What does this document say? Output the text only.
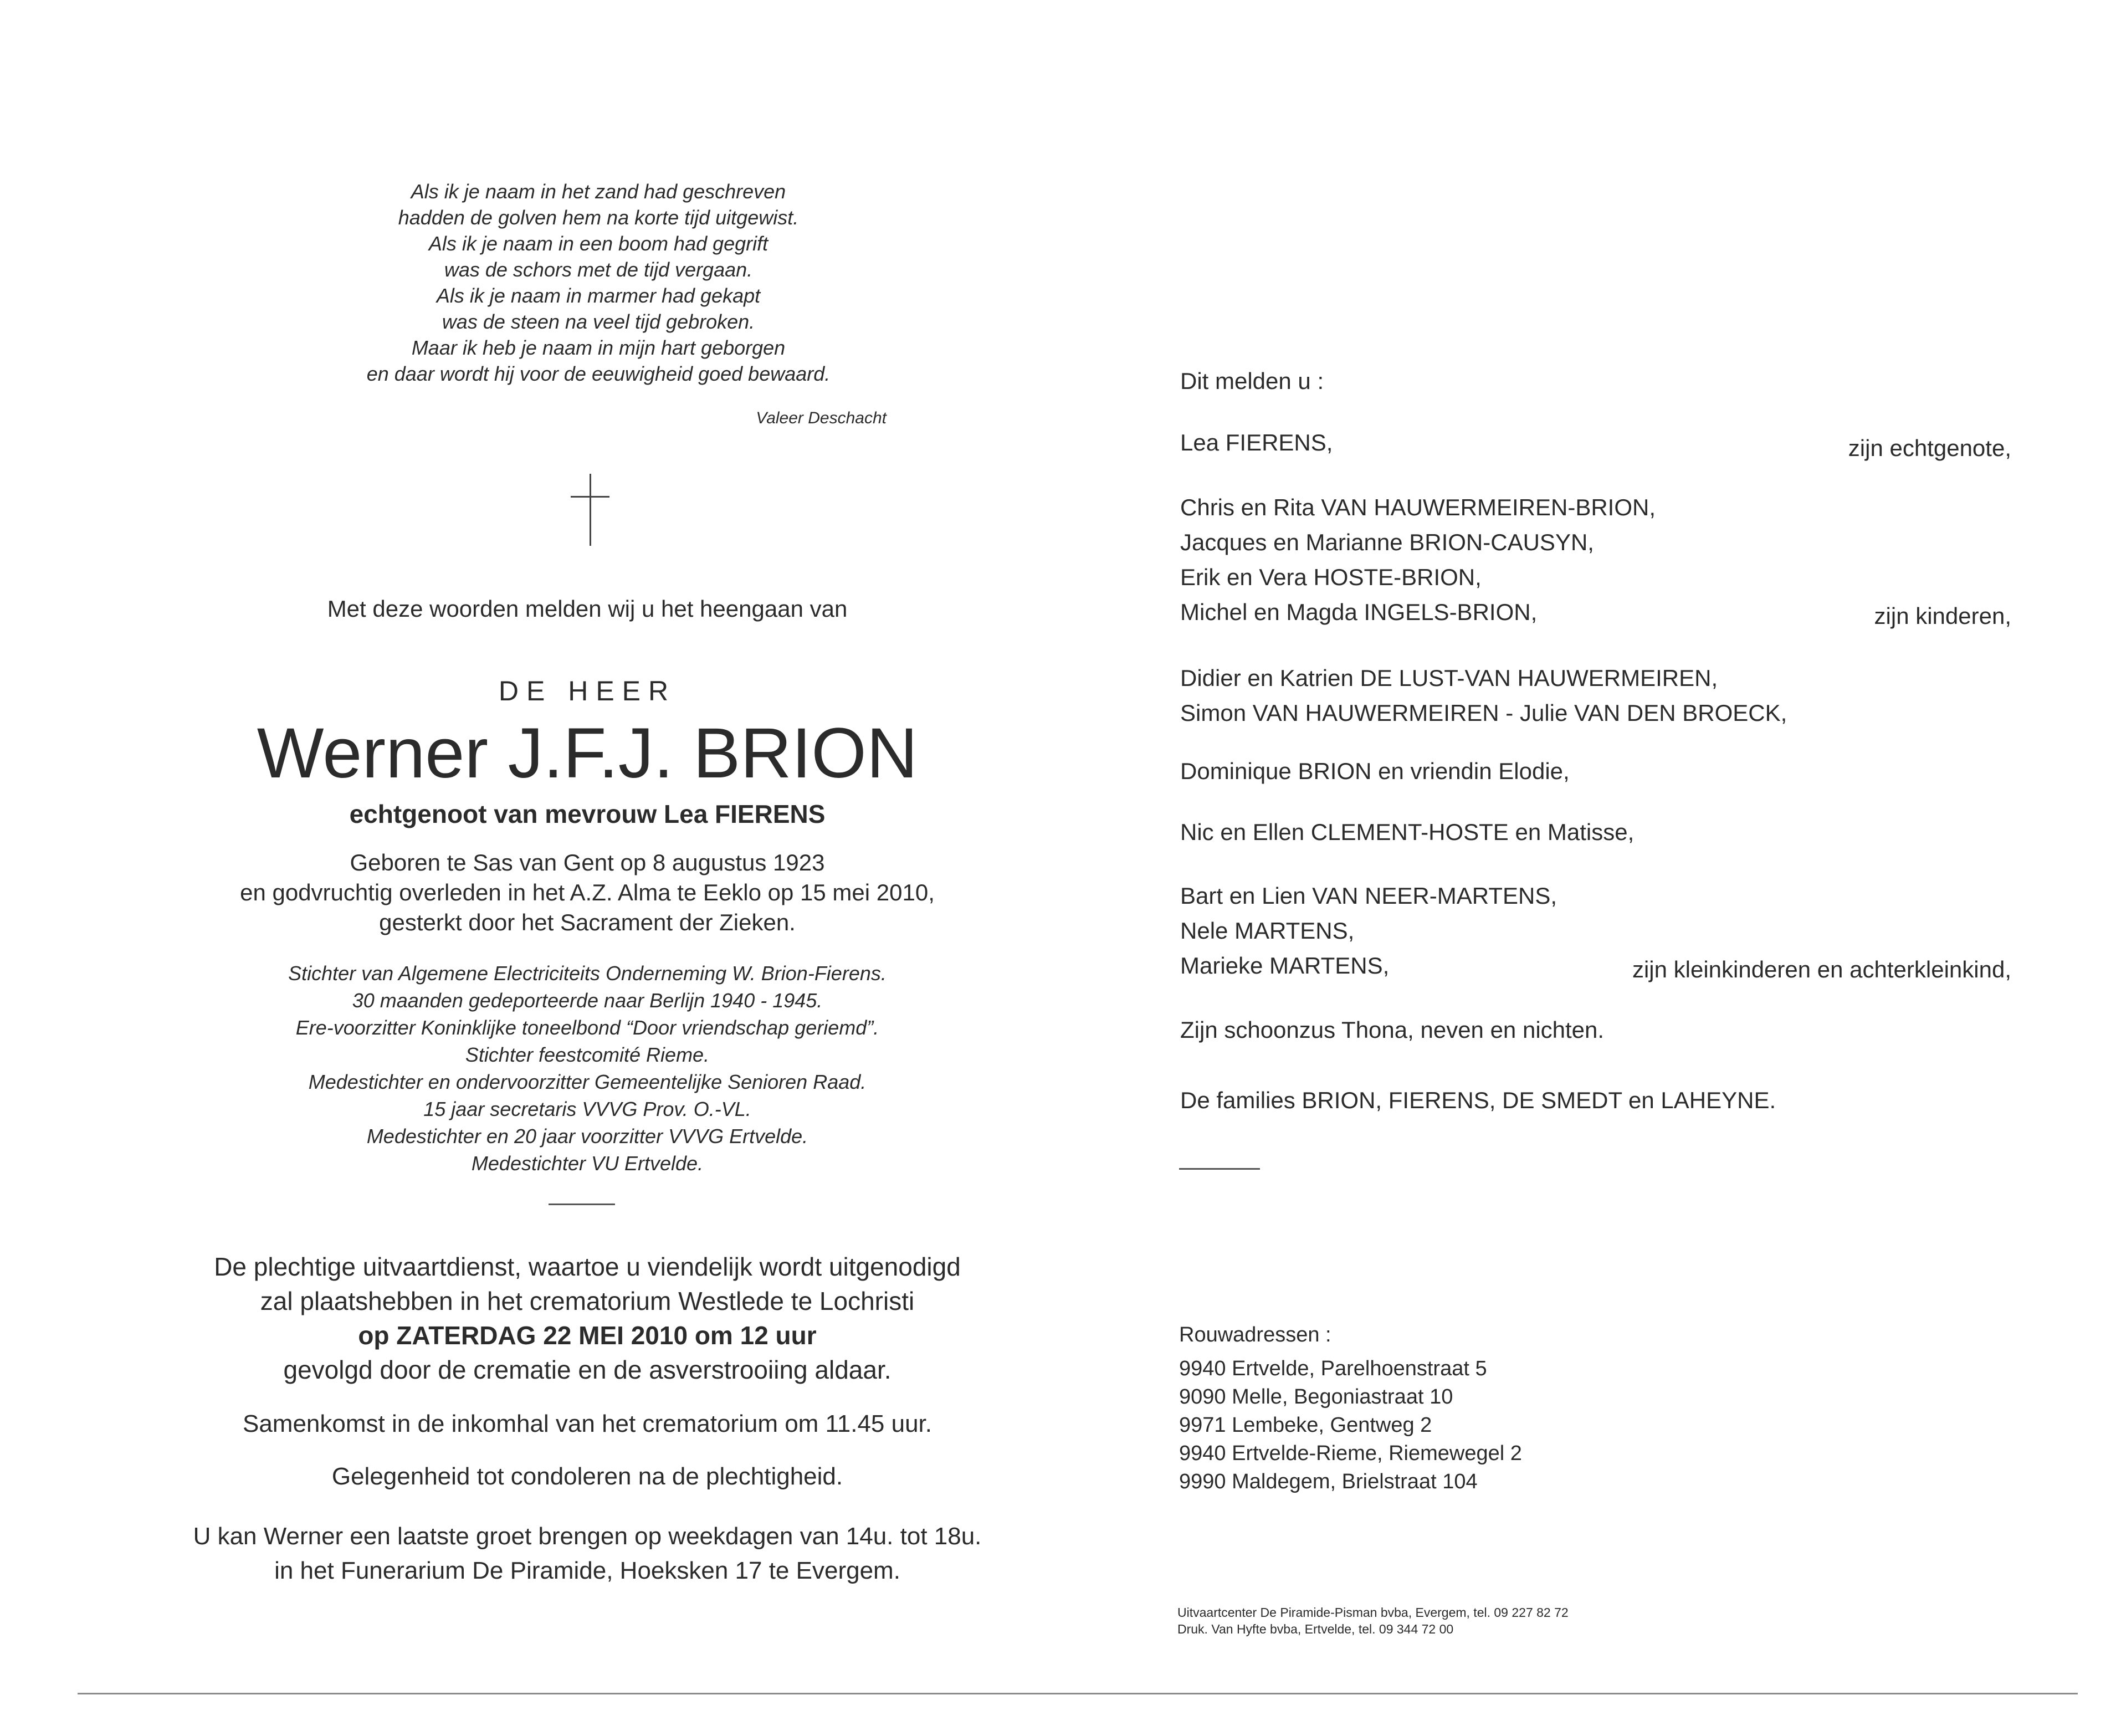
Als ik je naam in het zand had geschreven
hadden de golven hem na korte tijd uitgewist.
Als ik je naam in een boom had gegrift
was de schors met de tijd vergaan.
Als ik je naam in marmer had gekapt
was de steen na veel tijd gebroken.
Maar ik heb je naam in mijn hart geborgen
en daar wordt hij voor de eeuwigheid goed bewaard.
Valeer Deschacht
Met deze woorden melden wij u het heengaan van
DE HEER
Werner J.F.J. BRION
echtgenoot van mevrouw Lea FIERENS
Geboren te Sas van Gent op 8 augustus 1923
en godvruchtig overleden in het A.Z. Alma te Eeklo op 15 mei 2010,
gesterkt door het Sacrament der Zieken.
Stichter van Algemene Electriciteits Onderneming W. Brion-Fierens.
30 maanden gedeporteerde naar Berlijn 1940 - 1945.
Ere-voorzitter Koninklijke toneelbond “Door vriendschap geriemd”.
Stichter feestcomité Rieme.
Medestichter en ondervoorzitter Gemeentelijke Senioren Raad.
15 jaar secretaris VVVG Prov. O.-VL.
Medestichter en 20 jaar voorzitter VVVG Ertvelde.
Medestichter VU Ertvelde.
De plechtige uitvaartdienst, waartoe u viendelijk wordt uitgenodigd
zal plaatshebben in het crematorium Westlede te Lochristi
op ZATERDAG 22 MEI 2010 om 12 uur
gevolgd door de crematie en de asverstrooiing aldaar.
Samenkomst in de inkomhal van het crematorium om 11.45 uur.
Gelegenheid tot condoleren na de plechtigheid.
U kan Werner een laatste groet brengen op weekdagen van 14u. tot 18u.
in het Funerarium De Piramide, Hoeksken 17 te Evergem.
Dit melden u :
Lea FIERENS,	zijn echtgenote,
Chris en Rita VAN HAUWERMEIREN-BRION,
Jacques en Marianne BRION-CAUSYN,
Erik en Vera HOSTE-BRION,
Michel en Magda INGELS-BRION,	zijn kinderen,
Didier en Katrien DE LUST-VAN HAUWERMEIREN,
Simon VAN HAUWERMEIREN - Julie VAN DEN BROECK,
Dominique BRION en vriendin Elodie,
Nic en Ellen CLEMENT-HOSTE en Matisse,
Bart en Lien VAN NEER-MARTENS,
Nele MARTENS,
Marieke MARTENS,	zijn kleinkinderen en achterkleinkind,
Zijn schoonzus Thona, neven en nichten.
De families BRION, FIERENS, DE SMEDT en LAHEYNE.
Rouwadressen :
9940 Ertvelde, Parelhoenstraat 5
9090 Melle, Begoniastraat 10
9971 Lembeke, Gentweg 2
9940 Ertvelde-Rieme, Riemewegel 2
9990 Maldegem, Brielstraat 104
Uitvaartcenter De Piramide-Pisman bvba, Evergem, tel. 09 227 82 72
Druk. Van Hyfte bvba, Ertvelde, tel. 09 344 72 00
